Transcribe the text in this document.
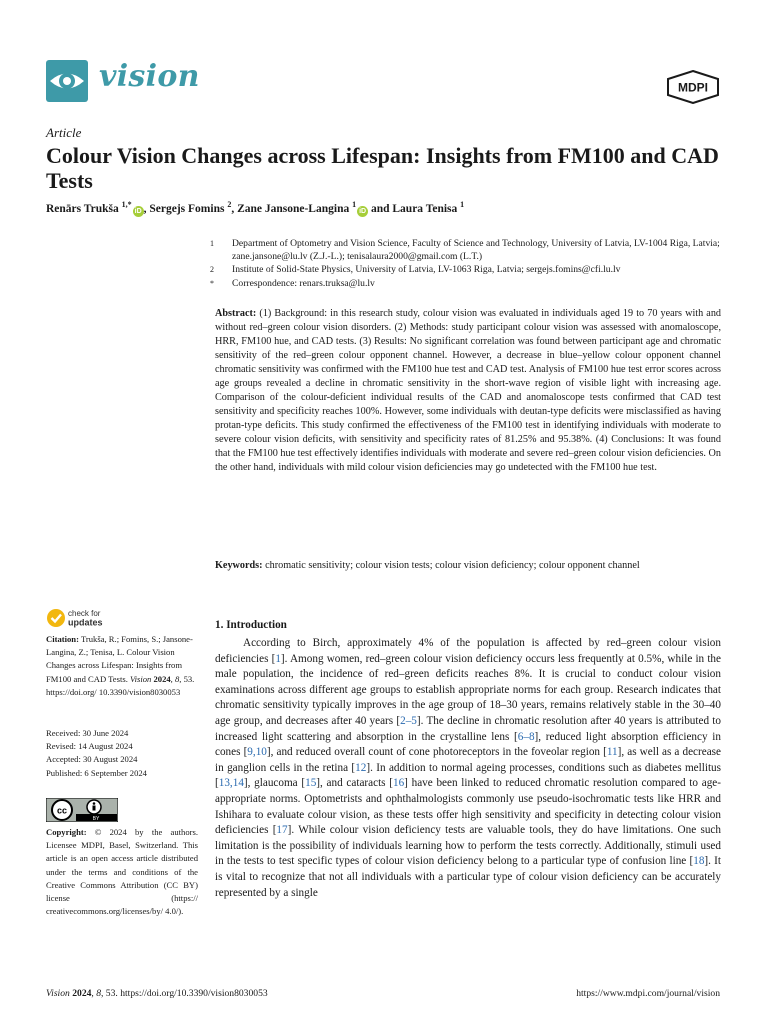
vision	MDPI
Article
Colour Vision Changes across Lifespan: Insights from FM100 and CAD Tests
Renārs Trukša $^{1,*}$iD , Sergejs Fomins $^2$, Zane Jansone-Langina $^1$iD and Laura Tenisa $^1$
1	Department of Optometry and Vision Science, Faculty of Science and Technology, University of Latvia, LV-1004 Riga, Latvia; zane.jansone@lu.lv (Z.J.-L.); tenisalaura2000@gmail.com (L.T.)
2	Institute of Solid-State Physics, University of Latvia, LV-1063 Riga, Latvia; sergejs.fomins@cfi.lu.lv
*	Correspondence: renars.truksa@lu.lv
Abstract: (1) Background: in this research study, colour vision was evaluated in individuals aged 19 to 70 years with and without red–green colour vision disorders. (2) Methods: study participant colour vision was assessed with anomaloscope, HRR, FM100 hue, and CAD tests. (3) Results: No significant correlation was found between participant age and chromatic sensitivity of the red–green colour opponent channel. However, a decrease in blue–yellow colour opponent channel chromatic sensitivity was confirmed with the FM100 hue test and CAD test. Analysis of FM100 hue test error scores across age groups revealed a decline in chromatic sensitivity in the short-wave region of visible light with increasing age. Comparison of the colour-deficient individual results of the CAD and anomaloscope tests confirmed that CAD test sensitivity and specificity reaches 100%. However, some individuals with deutan-type deficits were misclassified as having protan-type deficits. This study confirmed the effectiveness of the FM100 test in identifying individuals with moderate to severe colour vision deficits, with sensitivity and specificity rates of 81.25% and 95.38%. (4) Conclusions: It was found that the FM100 hue test effectively identifies individuals with moderate and severe red–green colour vision deficiencies. On the other hand, individuals with mild colour vision deficiencies may go undetected with the FM100 hue test.
Keywords: chromatic sensitivity; colour vision tests; colour vision deficiency; colour opponent channel
check for
updates
Citation: Trukša, R.; Fomins, S.; Jansone-Langina, Z.; Tenisa, L. Colour Vision Changes across Lifespan: Insights from FM100 and CAD Tests. Vision 2024, 8, 53. https://doi.org/ 10.3390/vision8030053
Received: 30 June 2024
Revised: 14 August 2024
Accepted: 30 August 2024
Published: 6 September 2024
cc
BY
Copyright: © 2024 by the authors. Licensee MDPI, Basel, Switzerland. This article is an open access article distributed under the terms and conditions of the Creative Commons Attribution (CC BY) license (https:// creativecommons.org/licenses/by/ 4.0/).
1. Introduction

According to Birch, approximately 4% of the population is affected by red–green colour vision deficiencies [1]. Among women, red–green colour vision deficiency occurs less frequently at 0.5%, while in the male population, the incidence of red–green deficits reaches 8%. It is crucial to conduct colour vision examinations across different age groups to establish appropriate norms for each group. Research indicates that chromatic sensitivity typically improves in the age group of 18–30 years, remains relatively stable in the 30–40 age group, and decreases after 40 years [2–5]. The decline in chromatic resolution after 40 years is attributed to increased light scattering and absorption in the crystalline lens [6–8], reduced light absorption efficiency in cones [9,10], and reduced overall count of cone photoreceptors in the foveolar region [11], as well as a decrease in ganglion cells in the retina [12]. In addition to normal ageing processes, conditions such as diabetes mellitus [13,14], glaucoma [15], and cataracts [16] have been linked to reduced chromatic resolution compared to age-appropriate norms. Optometrists and ophthalmologists commonly use pseudo-isochromatic tests like HRR and Ishihara to evaluate colour vision, as these tests offer high sensitivity and specificity in detecting colour vision deficiencies [17]. While colour vision deficiency tests are valuable tools, they do have limitations. One such limitation is the possibility of individuals learning how to perform the tests correctly. Additionally, stimuli used in the tests to test specific types of colour vision deficiency belong to a particular type of confusion line [18]. It is vital to recognize that not all individuals with a particular type of colour vision deficiency can be accurately represented by a single

Vision 2024, 8, 53. https://doi.org/10.3390/vision8030053	https://www.mdpi.com/journal/vision
